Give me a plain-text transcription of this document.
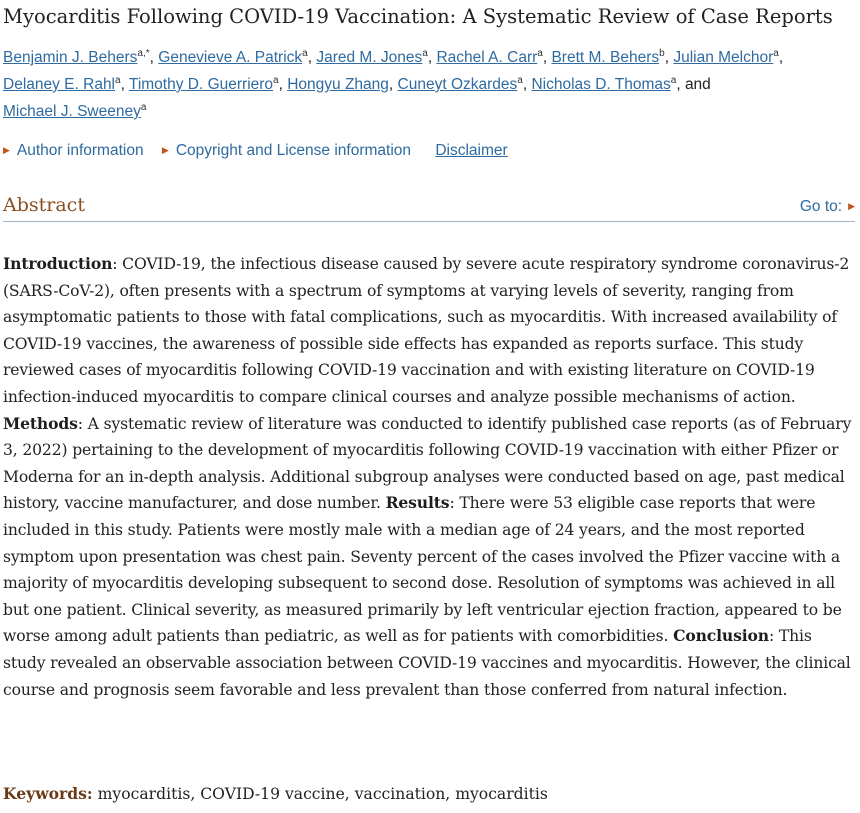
Myocarditis Following COVID-19 Vaccination: A Systematic Review of Case Reports
Benjamin J. Behers$^{a,*}$, Genevieve A. Patrick$^a$, Jared M. Jones$^a$, Rachel A. Carr$^a$, Brett M. Behers$^b$, Julian Melchor$^a$,
Delaney E. Rahl$^a$, Timothy D. Guerriero$^a$, Hongyu Zhang, Cuneyt Ozkardes$^a$, Nicholas D. Thomas$^a$, and
Michael J. Sweeney$^a$
▶ Author information ▶ Copyright and License information Disclaimer
Abstract	Go to: ▶
Introduction: COVID-19, the infectious disease caused by severe acute respiratory syndrome coronavirus-2 (SARS-CoV-2), often presents with a spectrum of symptoms at varying levels of severity, ranging from asymptomatic patients to those with fatal complications, such as myocarditis. With increased availability of COVID-19 vaccines, the awareness of possible side effects has expanded as reports surface. This study reviewed cases of myocarditis following COVID-19 vaccination and with existing literature on COVID-19 infection-induced myocarditis to compare clinical courses and analyze possible mechanisms of action. Methods: A systematic review of literature was conducted to identify published case reports (as of February 3, 2022) pertaining to the development of myocarditis following COVID-19 vaccination with either Pfizer or Moderna for an in-depth analysis. Additional subgroup analyses were conducted based on age, past medical history, vaccine manufacturer, and dose number. Results: There were 53 eligible case reports that were included in this study. Patients were mostly male with a median age of 24 years, and the most reported symptom upon presentation was chest pain. Seventy percent of the cases involved the Pfizer vaccine with a majority of myocarditis developing subsequent to second dose. Resolution of symptoms was achieved in all but one patient. Clinical severity, as measured primarily by left ventricular ejection fraction, appeared to be worse among adult patients than pediatric, as well as for patients with comorbidities. Conclusion: This study revealed an observable association between COVID-19 vaccines and myocarditis. However, the clinical course and prognosis seem favorable and less prevalent than those conferred from natural infection.
Keywords: myocarditis, COVID-19 vaccine, vaccination, myocarditis
